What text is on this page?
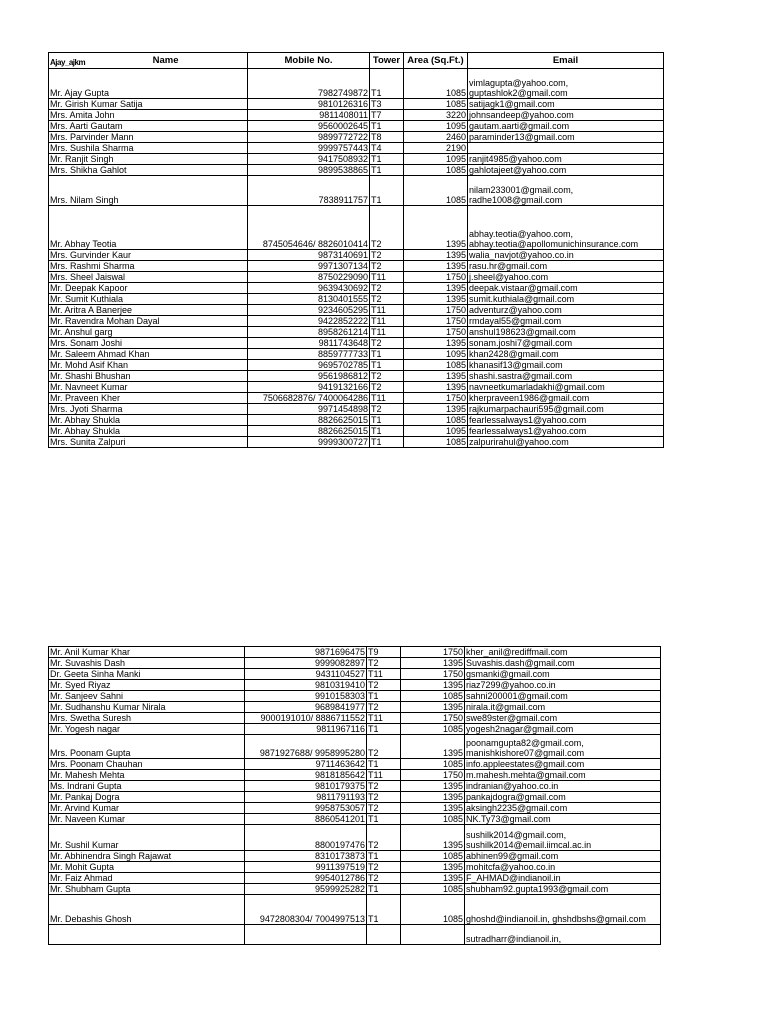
Ajay_ajkm Name	Mobile No.	Tower	Area (Sq.Ft.)	Email
Mr. Ajay Gupta	7982749872	T1	1085	vimlagupta@yahoo.com,
guptashlok2@gmail.com
Mr. Girish Kumar Satija	9810126316	T3	1085	satijagk1@gmail.com
Mrs. Amita John	9811408011	T7	3220	johnsandeep@yahoo.com
Mrs. Aarti Gautam	9560002645	T1	1095	gautam.aarti@gmail.com
Mrs. Parvinder Mann	9899772722	T8	2460	paraminder13@gmail.com
Mrs. Sushila Sharma	9999757443	T4	2190	
Mr. Ranjit Singh	9417508932	T1	1095	ranjit4985@yahoo.com
Mrs. Shikha Gahlot	9899538865	T1	1085	gahlotajeet@yahoo.com
Mrs. Nilam Singh	7838911757	T1	1085	nilam233001@gmail.com,
radhe1008@gmail.com
Mr. Abhay Teotia	8745054646/ 8826010414	T2	1395	abhay.teotia@yahoo.com,
abhay.teotia@apollomunichinsurance.com
Mrs. Gurvinder Kaur	9873140691	T2	1395	walia_navjot@yahoo.co.in
Mrs. Rashmi Sharma	9971307134	T2	1395	rasu.hr@gmail.com
Mrs. Sheel Jaiswal	8750229090	T11	1750	j.sheel@yahoo.com
Mr. Deepak Kapoor	9639430692	T2	1395	deepak.vistaar@gmail.com
Mr. Sumit Kuthiala	8130401555	T2	1395	sumit.kuthiala@gmail.com
Mr. Aritra A Banerjee	9234605295	T11	1750	adventurz@yahoo.com
Mr. Ravendra Mohan Dayal	9422852222	T11	1750	rmdayal55@gmail.com
Mr. Anshul garg	8958261214	T11	1750	anshul198623@gmail.com
Mrs. Sonam Joshi	9811743648	T2	1395	sonam.joshi7@gmail.com
Mr. Saleem Ahmad Khan	8859777733	T1	1095	khan2428@gmail.com
Mr. Mohd Asif Khan	9695702785	T1	1085	khanasif13@gmail.com
Mr. Shashi Bhushan	9561986812	T2	1395	shashi.sastra@gmail.com
Mr. Navneet Kumar	9419132166	T2	1395	navneetkumarladakhi@gmail.com
Mr. Praveen Kher	7506682876/ 7400064286	T11	1750	kherpraveen1986@gmail.com
Mrs. Jyoti Sharma	9971454898	T2	1395	rajkumarpachauri595@gmail.com
Mr. Abhay Shukla	8826625015	T1	1085	fearlessalways1@yahoo.com
Mr. Abhay Shukla	8826625015	T1	1095	fearlessalways1@yahoo.com
Mrs. Sunita Zalpuri	9999300727	T1	1085	zalpurirahul@yahoo.com
Mr. Anil Kumar Khar	9871696475	T9	1750	kher_anil@rediffmail.com
Mr. Suvashis Dash	9999082897	T2	1395	Suvashis.dash@gmail.com
Dr. Geeta Sinha Manki	9431104527	T11	1750	gsmanki@gmail.com
Mr. Syed Riyaz	9810319410	T2	1395	riaz7299@yahoo.co.in
Mr. Sanjeev Sahni	9910158303	T1	1085	sahni200001@gmail.com
Mr. Sudhanshu Kumar Nirala	9689841977	T2	1395	nirala.it@gmail.com
Mrs. Swetha Suresh	9000191010/ 8886711552	T11	1750	swe89ster@gmail.com
Mr. Yogesh nagar	9811967116	T1	1085	yogesh2nagar@gmail.com
Mrs. Poonam Gupta	9871927688/ 9958995280	T2	1395	poonamgupta82@gmail.com,
manishkishore07@gmail.com
Mrs. Poonam Chauhan	9711463642	T1	1085	info.appleestates@gmail.com
Mr. Mahesh Mehta	9818185642	T11	1750	m.mahesh.mehta@gmail.com
Ms. Indrani Gupta	9810179375	T2	1395	indranian@yahoo.co.in
Mr. Pankaj Dogra	9811791193	T2	1395	pankajdogra@gmail.com
Mr. Arvind Kumar	9958753057	T2	1395	aksingh2235@gmail.com
Mr. Naveen Kumar	8860541201	T1	1085	NK.Ty73@gmail.com
Mr. Sushil Kumar	8800197476	T2	1395	sushilk2014@gmail.com,
sushilk2014@email.iimcal.ac.in
Mr. Abhinendra Singh Rajawat	8310173873	T1	1085	abhinen99@gmail.com
Mr. Mohit Gupta	9911397519	T2	1395	mohitcfa@yahoo.co.in
Mr. Faiz Ahmad	9954012786	T2	1395	F_AHMAD@indianoil.in
Mr. Shubham Gupta	9599925282	T1	1085	shubham92.gupta1993@gmail.com
Mr. Debashis Ghosh	9472808304/ 7004997513	T1	1085	ghoshd@indianoil.in, ghshdbshs@gmail.com
				sutradharr@indianoil.in,
